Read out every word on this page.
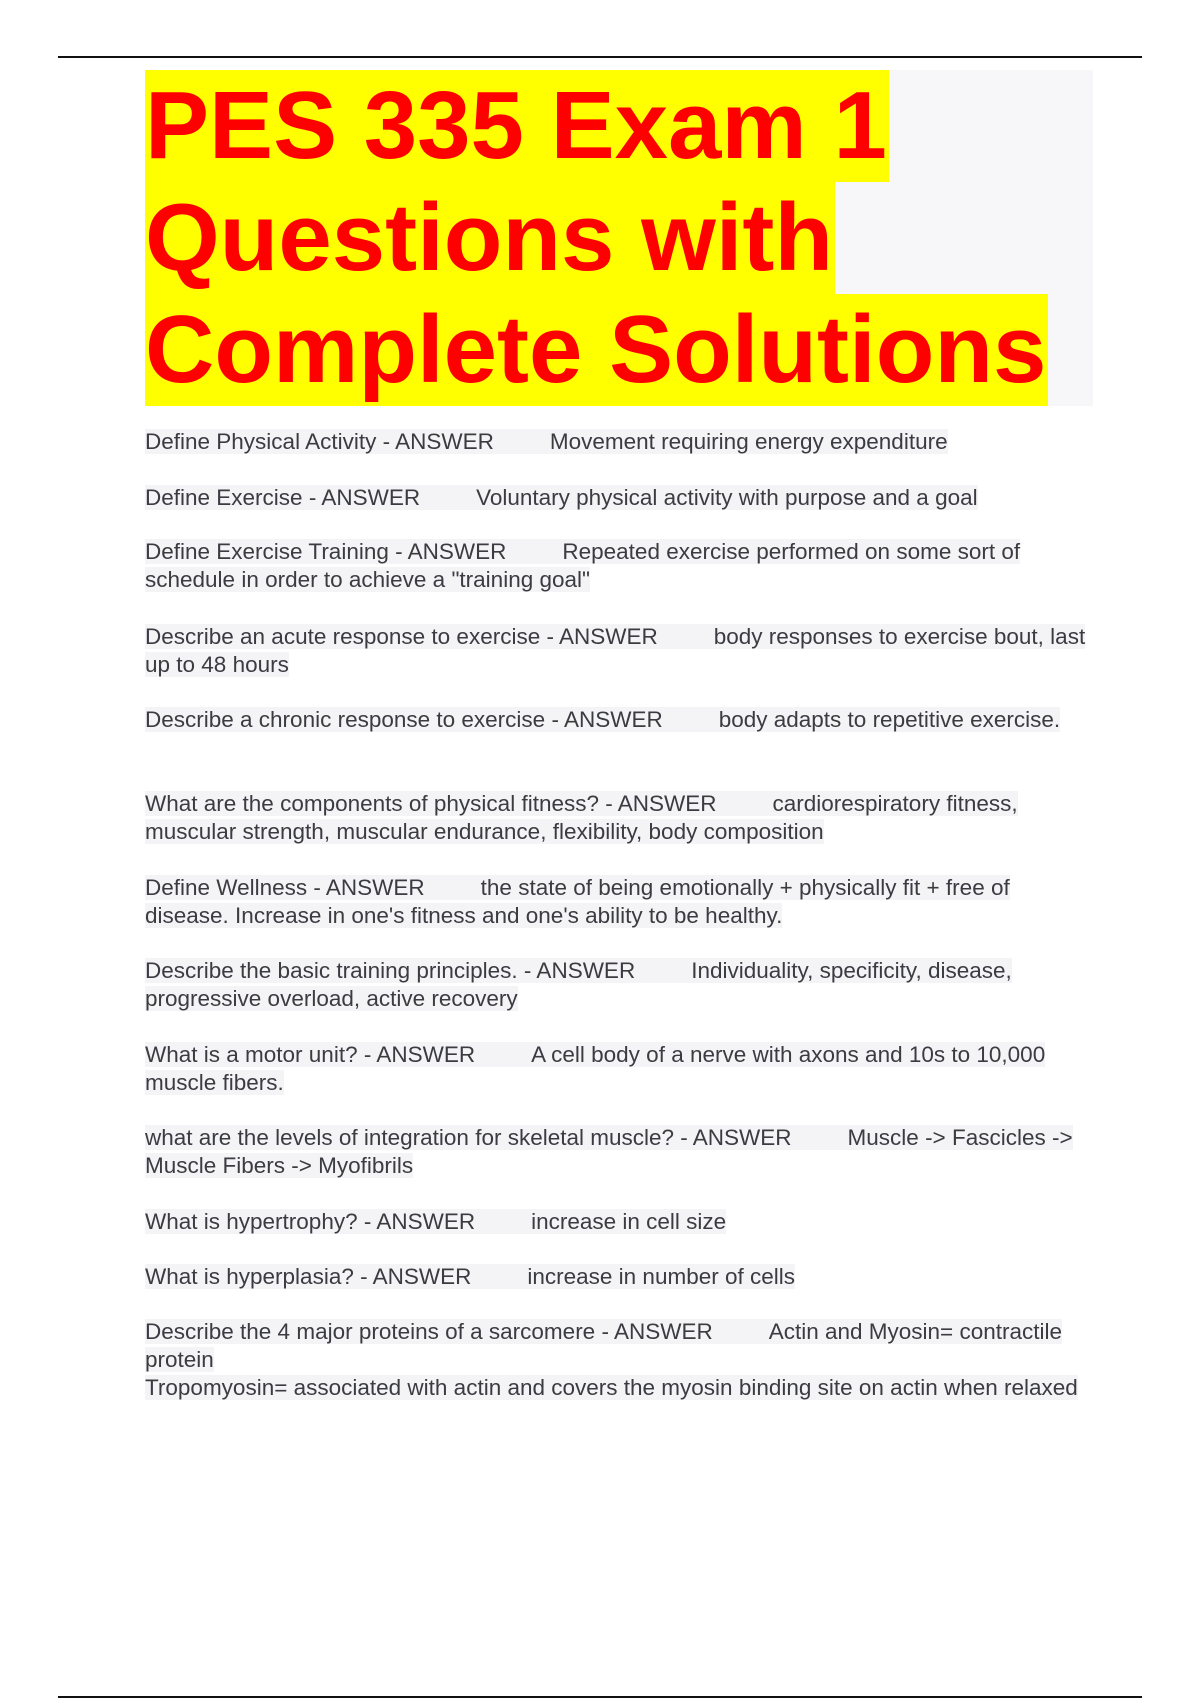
PES 335 Exam 1
Questions with
Complete Solutions
Define Physical Activity - ANSWER Movement requiring energy expenditure
Define Exercise - ANSWER Voluntary physical activity with purpose and a goal
Define Exercise Training - ANSWER Repeated exercise performed on some sort of schedule in order to achieve a "training goal"
Describe an acute response to exercise - ANSWER body responses to exercise bout, last up to 48 hours
Describe a chronic response to exercise - ANSWER body adapts to repetitive exercise.
What are the components of physical fitness? - ANSWER cardiorespiratory fitness, muscular strength, muscular endurance, flexibility, body composition
Define Wellness - ANSWER the state of being emotionally + physically fit + free of disease. Increase in one's fitness and one's ability to be healthy.
Describe the basic training principles. - ANSWER Individuality, specificity, disease, progressive overload, active recovery
What is a motor unit? - ANSWER A cell body of a nerve with axons and 10s to 10,000 muscle fibers.
what are the levels of integration for skeletal muscle? - ANSWER Muscle -> Fascicles -> Muscle Fibers -> Myofibrils
What is hypertrophy? - ANSWER increase in cell size
What is hyperplasia? - ANSWER increase in number of cells
Describe the 4 major proteins of a sarcomere - ANSWER Actin and Myosin= contractile protein
Tropomyosin= associated with actin and covers the myosin binding site on actin when relaxed
